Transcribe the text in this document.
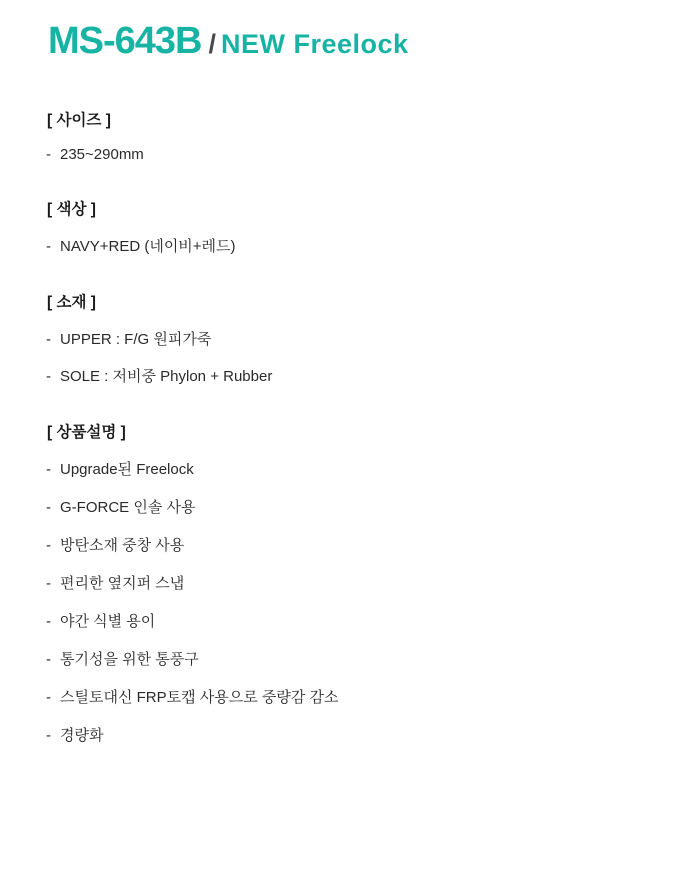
MS-643B / NEW Freelock
[ 사이즈 ]
- 235~290mm
[ 색상 ]
- NAVY+RED (네이비+레드)
[ 소재 ]
- UPPER : F/G 원피가죽
- SOLE : 저비중 Phylon + Rubber
[ 상품설명 ]
- Upgrade된 Freelock
- G-FORCE 인솔 사용
- 방탄소재 중창 사용
- 편리한 옆지퍼 스냅
- 야간 식별 용이
- 통기성을 위한 통풍구
- 스틸토대신 FRP토캡 사용으로 중량감 감소
- 경량화
